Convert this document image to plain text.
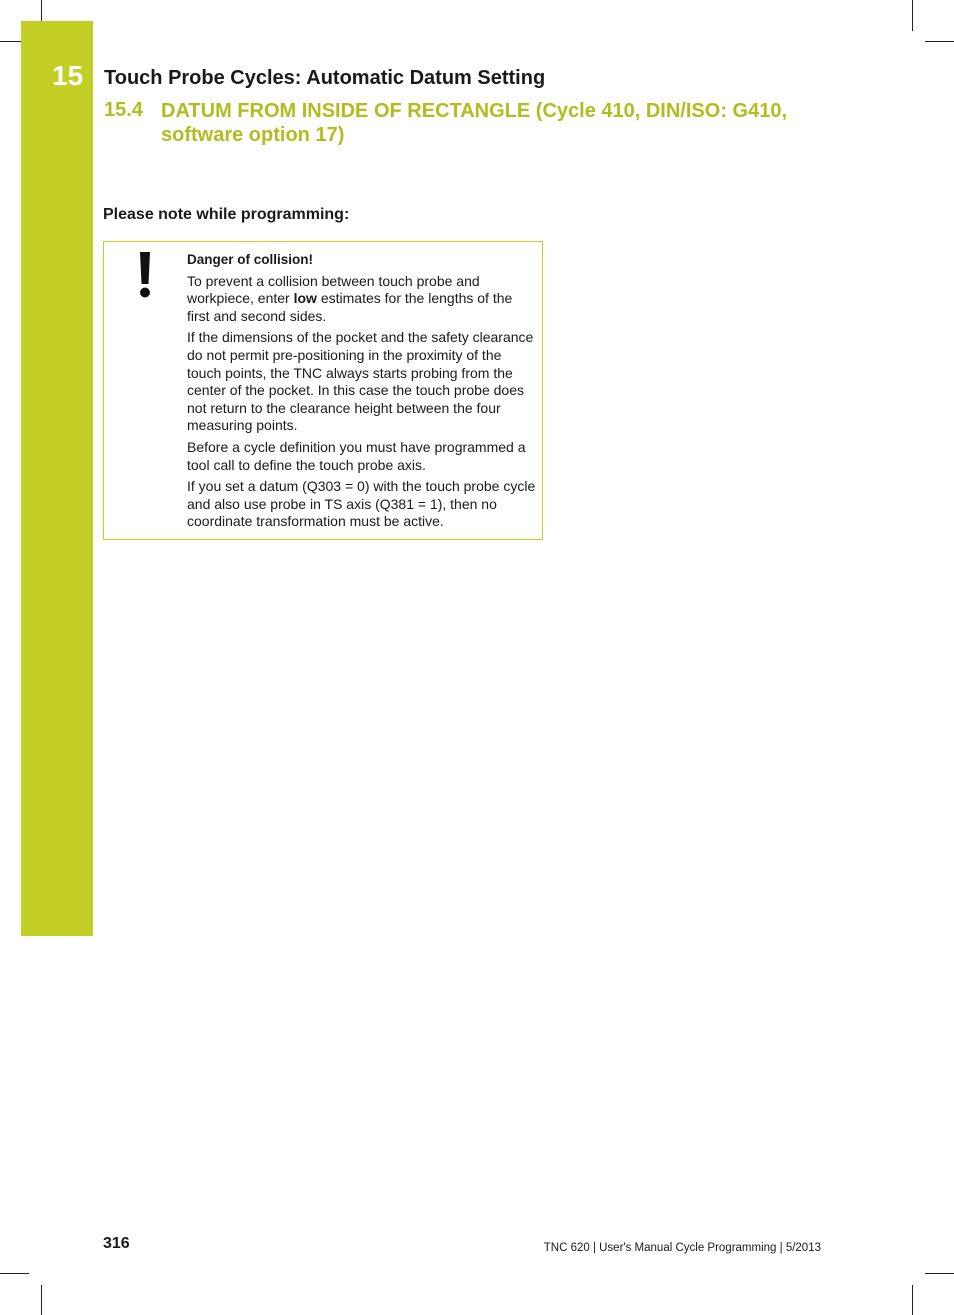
15 Touch Probe Cycles: Automatic Datum Setting
15.4 DATUM FROM INSIDE OF RECTANGLE (Cycle 410, DIN/ISO: G410, software option 17)
Please note while programming:

Danger of collision!

To prevent a collision between touch probe and workpiece, enter low estimates for the lengths of the first and second sides.

If the dimensions of the pocket and the safety clearance do not permit pre-positioning in the proximity of the touch points, the TNC always starts probing from the center of the pocket. In this case the touch probe does not return to the clearance height between the four measuring points.

Before a cycle definition you must have programmed a tool call to define the touch probe axis.

If you set a datum (Q303 = 0) with the touch probe cycle and also use probe in TS axis (Q381 = 1), then no coordinate transformation must be active.

316	TNC 620 | User's Manual Cycle Programming | 5/2013
